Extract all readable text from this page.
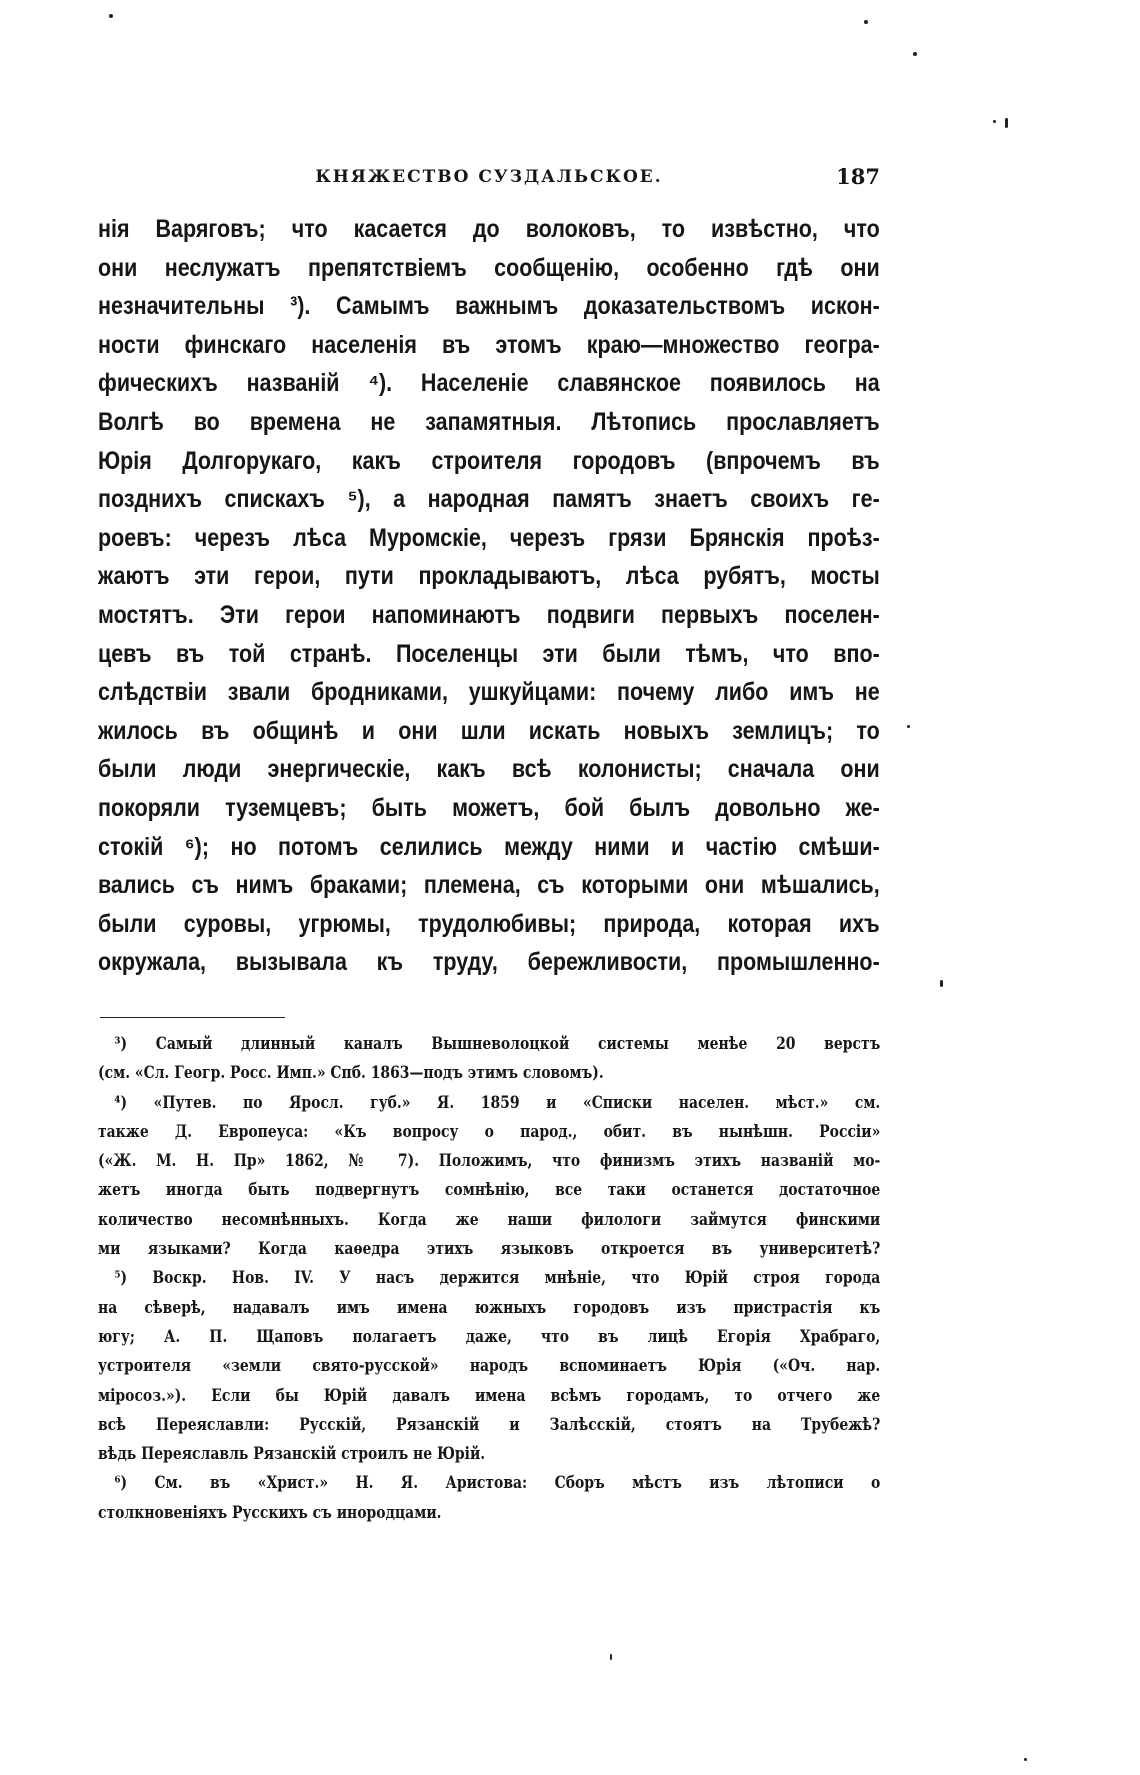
КНЯЖЕСТВО СУЗДАЛЬСКОЕ.	187
нія Варяговъ; что касается до волоковъ, то извѣстно, что
они неслужатъ препятствіемъ сообщенію, особенно гдѣ они
незначительны ³). Самымъ важнымъ доказательствомъ искон-
ности финскаго населенія въ этомъ краю—множество геогра-
фическихъ названій ⁴). Населеніе славянское появилось на
Волгѣ во времена не запамятныя. Лѣтопись прославляетъ
Юрія Долгорукаго, какъ строителя городовъ (впрочемъ въ
позднихъ спискахъ ⁵), а народная памятъ знаетъ своихъ ге-
роевъ: черезъ лѣса Муромскіе, черезъ грязи Брянскія проѣз-
жаютъ эти герои, пути прокладываютъ, лѣса рубятъ, мосты
мостятъ. Эти герои напоминаютъ подвиги первыхъ поселен-
цевъ въ той странѣ. Поселенцы эти были тѣмъ, что впо-
слѣдствіи звали бродниками, ушкуйцами: почему либо имъ не
жилось въ общинѣ и они шли искать новыхъ землицъ; то
были люди энергическіе, какъ всѣ колонисты; сначала они
покоряли туземцевъ; быть можетъ, бой былъ довольно же-
стокій ⁶); но потомъ селились между ними и частію смѣши-
вались съ нимъ браками; племена, съ которыми они мѣшались,
были суровы, угрюмы, трудолюбивы; природа, которая ихъ
окружала, вызывала къ труду, бережливости, промышленно-
³) Самый длинный каналъ Вышневолоцкой системы менѣе 20 верстъ
(см. «Сл. Геогр. Росс. Имп.» Спб. 1863—подъ этимъ словомъ).
⁴) «Путев. по Яросл. губ.» Я. 1859 и «Списки населен. мѣст.» см.
также Д. Европеуса: «Къ вопросу о парод., обит. въ нынѣшн. Россіи»
(«Ж. М. Н. Пр» 1862, № 7). Положимъ, что финизмъ этихъ названій мо-
жетъ иногда быть подвергнутъ сомнѣнію, все таки останется достаточное
количество несомнѣнныхъ. Когда же наши филологи займутся финскими
ми языками? Когда каѳедра этихъ языковъ откроется въ университетѣ?
⁵) Воскр. Нов. IV. У насъ держится мнѣніе, что Юрій строя города
на сѣверѣ, надавалъ имъ имена южныхъ городовъ изъ пристрастія къ
югу; А. П. Щаповъ полагаетъ даже, что въ лицѣ Егорія Храбраго,
устроителя «земли свято-русской» народъ вспоминаетъ Юрія («Оч. нар.
міросоз.»). Если бы Юрій давалъ имена всѣмъ городамъ, то отчего же
всѣ Переяславли: Русскій, Рязанскій и Залѣсскій, стоятъ на Трубежѣ?
вѣдь Переяславль Рязанскій строилъ не Юрій.
⁶) См. въ «Христ.» Н. Я. Аристова: Сборъ мѣстъ изъ лѣтописи о
столкновеніяхъ Русскихъ съ инородцами.
